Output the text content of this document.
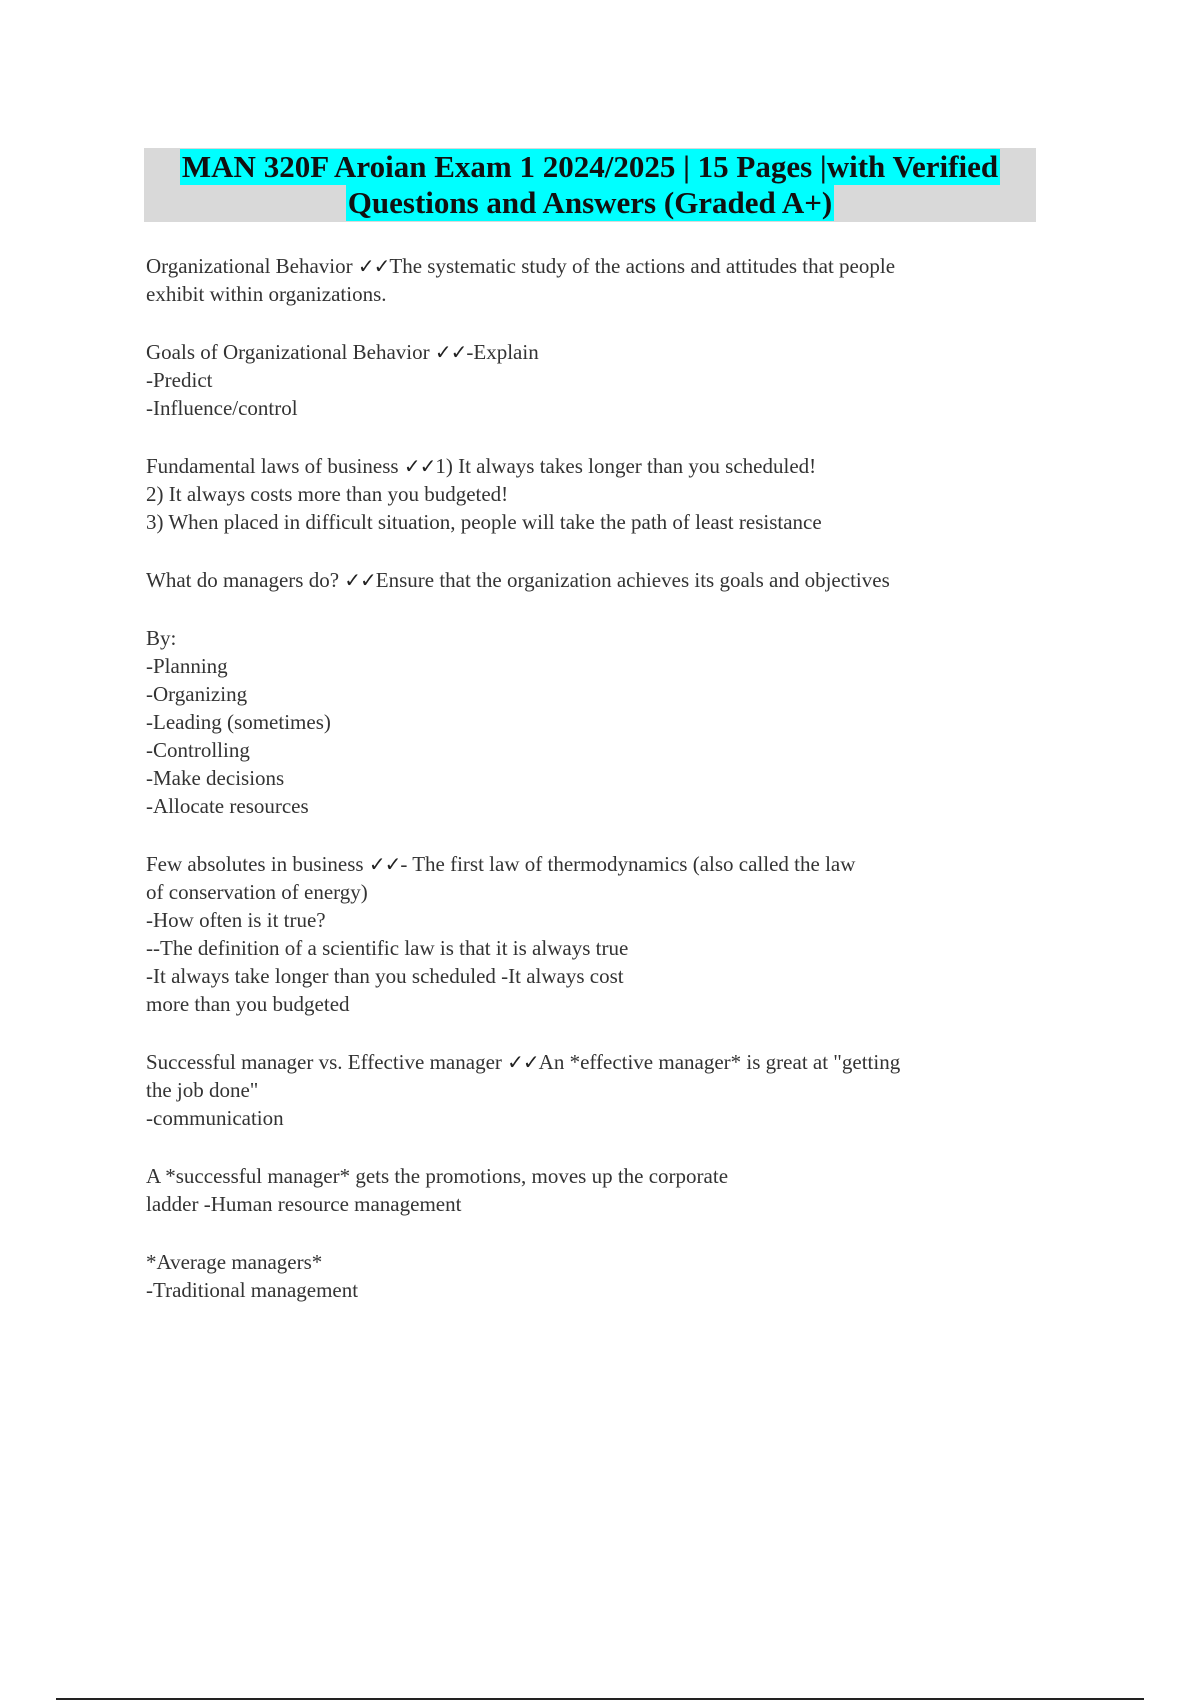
MAN 320F Aroian Exam 1 2024/2025 | 15 Pages |with Verified
Questions and Answers (Graded A+)
Organizational Behavior ✓✓The systematic study of the actions and attitudes that people
exhibit within organizations.
Goals of Organizational Behavior ✓✓-Explain
-Predict
-Influence/control
Fundamental laws of business ✓✓1) It always takes longer than you scheduled!
2) It always costs more than you budgeted!
3) When placed in difficult situation, people will take the path of least resistance
What do managers do? ✓✓Ensure that the organization achieves its goals and objectives
By:
-Planning
-Organizing
-Leading (sometimes)
-Controlling
-Make decisions
-Allocate resources
Few absolutes in business ✓✓- The first law of thermodynamics (also called the law
of conservation of energy)
-How often is it true?
--The definition of a scientific law is that it is always true
-It always take longer than you scheduled -It always cost
more than you budgeted
Successful manager vs. Effective manager ✓✓An *effective manager* is great at "getting
the job done"
-communication
A *successful manager* gets the promotions, moves up the corporate
ladder -Human resource management
*Average managers*
-Traditional management
